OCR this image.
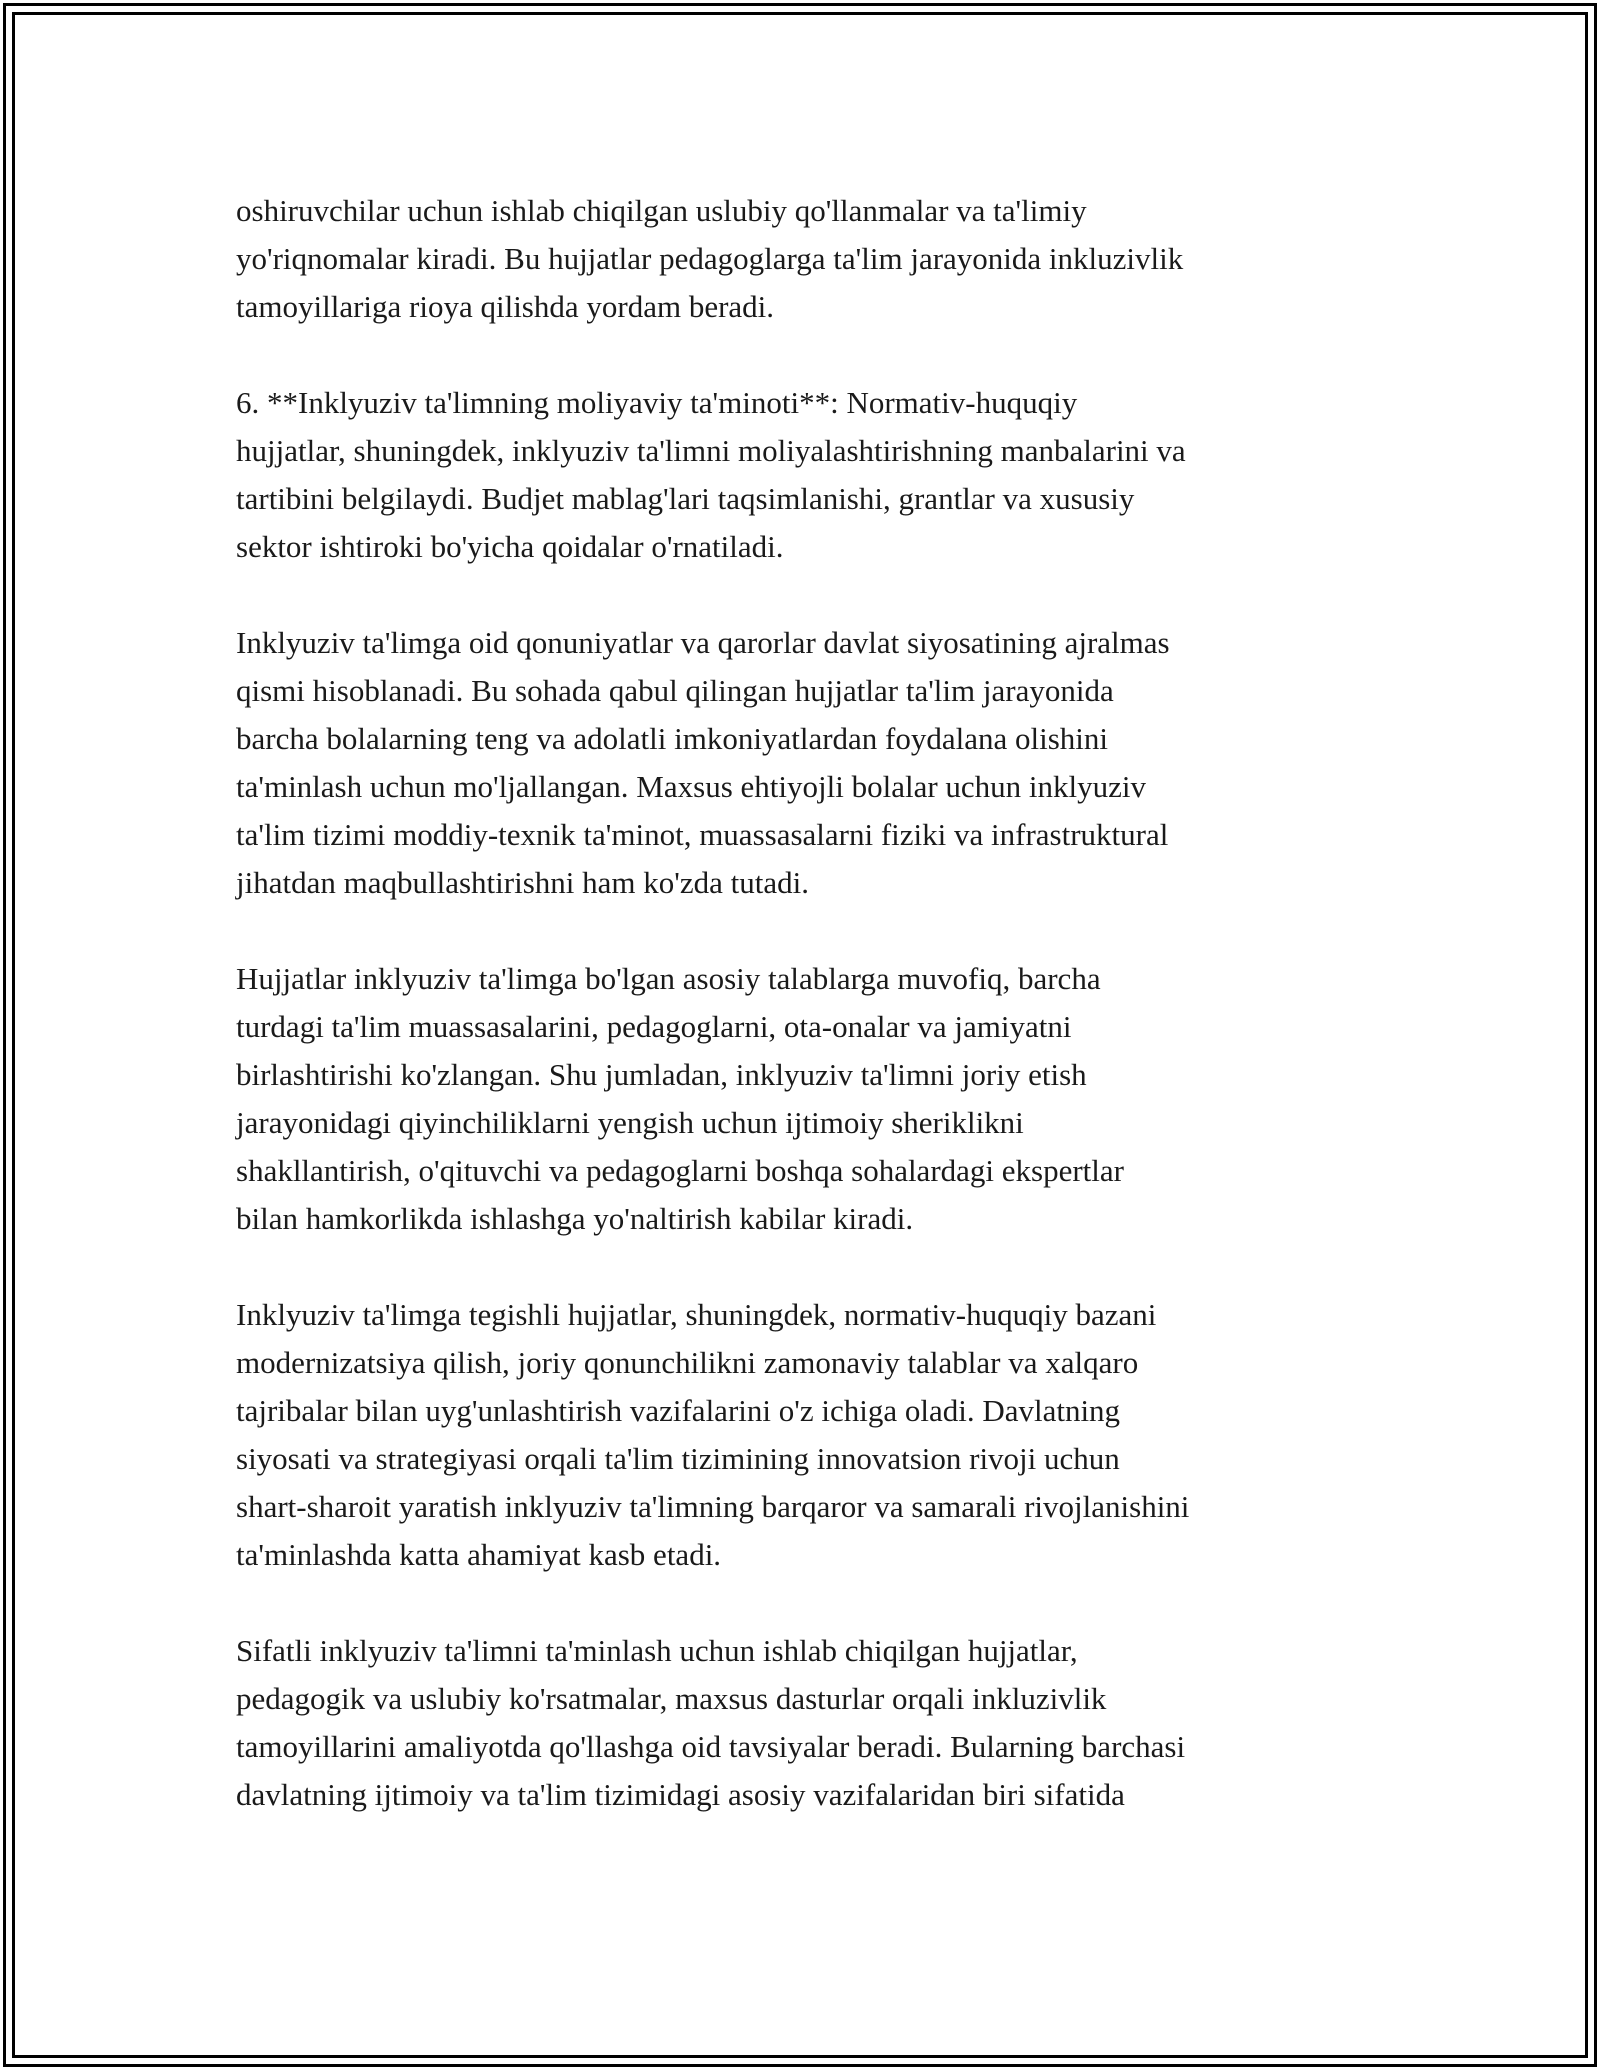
oshiruvchilar uchun ishlab chiqilgan uslubiy qo'llanmalar va ta'limiy
yo'riqnomalar kiradi. Bu hujjatlar pedagoglarga ta'lim jarayonida inkluzivlik
tamoyillariga rioya qilishda yordam beradi.

6. **Inklyuziv ta'limning moliyaviy ta'minoti**: Normativ-huquqiy
hujjatlar, shuningdek, inklyuziv ta'limni moliyalashtirishning manbalarini va
tartibini belgilaydi. Budjet mablag'lari taqsimlanishi, grantlar va xususiy
sektor ishtiroki bo'yicha qoidalar o'rnatiladi.

Inklyuziv ta'limga oid qonuniyatlar va qarorlar davlat siyosatining ajralmas
qismi hisoblanadi. Bu sohada qabul qilingan hujjatlar ta'lim jarayonida
barcha bolalarning teng va adolatli imkoniyatlardan foydalana olishini
ta'minlash uchun mo'ljallangan. Maxsus ehtiyojli bolalar uchun inklyuziv
ta'lim tizimi moddiy-texnik ta'minot, muassasalarni fiziki va infrastruktural
jihatdan maqbullashtirishni ham ko'zda tutadi.

Hujjatlar inklyuziv ta'limga bo'lgan asosiy talablarga muvofiq, barcha
turdagi ta'lim muassasalarini, pedagoglarni, ota-onalar va jamiyatni
birlashtirishi ko'zlangan. Shu jumladan, inklyuziv ta'limni joriy etish
jarayonidagi qiyinchiliklarni yengish uchun ijtimoiy sheriklikni
shakllantirish, o'qituvchi va pedagoglarni boshqa sohalardagi ekspertlar
bilan hamkorlikda ishlashga yo'naltirish kabilar kiradi.

Inklyuziv ta'limga tegishli hujjatlar, shuningdek, normativ-huquqiy bazani
modernizatsiya qilish, joriy qonunchilikni zamonaviy talablar va xalqaro
tajribalar bilan uyg'unlashtirish vazifalarini o'z ichiga oladi. Davlatning
siyosati va strategiyasi orqali ta'lim tizimining innovatsion rivoji uchun
shart-sharoit yaratish inklyuziv ta'limning barqaror va samarali rivojlanishini
ta'minlashda katta ahamiyat kasb etadi.

Sifatli inklyuziv ta'limni ta'minlash uchun ishlab chiqilgan hujjatlar,
pedagogik va uslubiy ko'rsatmalar, maxsus dasturlar orqali inkluzivlik
tamoyillarini amaliyotda qo'llashga oid tavsiyalar beradi. Bularning barchasi
davlatning ijtimoiy va ta'lim tizimidagi asosiy vazifalaridan biri sifatida
